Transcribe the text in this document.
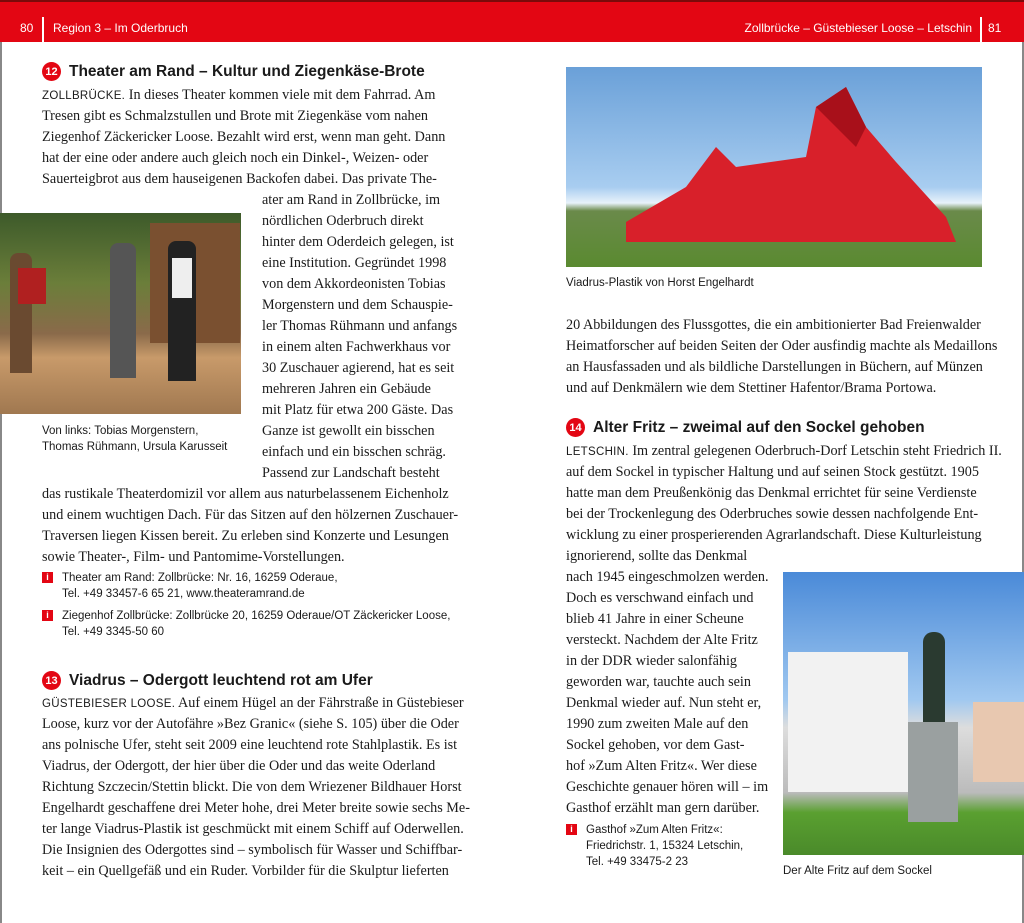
80 Region 3 – Im Oderbruch	Zollbrücke – Güstebieser Loose – Letschin 81
12 Theater am Rand – Kultur und Ziegenkäse-Brote
ZOLLBRÜCKE. In dieses Theater kommen viele mit dem Fahrrad. Am
Tresen gibt es Schmalzstullen und Brote mit Ziegenkäse vom nahen
Ziegenhof Zäckericker Loose. Bezahlt wird erst, wenn man geht. Dann
hat der eine oder andere auch gleich noch ein Dinkel-, Weizen- oder
Sauerteigbrot aus dem hauseigenen Backofen dabei. Das private The-
ater am Rand in Zollbrücke, im
nördlichen Oderbruch direkt
hinter dem Oderdeich gelegen, ist
eine Institution. Gegründet 1998
von dem Akkordeonisten Tobias
Morgenstern und dem Schauspie-
ler Thomas Rühmann und anfangs
in einem alten Fachwerkhaus vor
30 Zuschauer agierend, hat es seit
mehreren Jahren ein Gebäude
mit Platz für etwa 200 Gäste. Das
Ganze ist gewollt ein bisschen
einfach und ein bisschen schräg.
Passend zur Landschaft besteht
das rustikale Theaterdomizil vor allem aus naturbelassenem Eichenholz
und einem wuchtigen Dach. Für das Sitzen auf den hölzernen Zuschauer-
Traversen liegen Kissen bereit. Zu erleben sind Konzerte und Lesungen
sowie Theater-, Film- und Pantomime-Vorstellungen.
Von links: Tobias Morgenstern,
Thomas Rühmann, Ursula Karusseit
i	Theater am Rand: Zollbrücke: Nr. 16, 16259 Oderaue,
Tel. +49 33457-6 65 21, www.theateramrand.de
i	Ziegenhof Zollbrücke: Zollbrücke 20, 16259 Oderaue/OT Zäckericker Loose,
Tel. +49 3345-50 60
13 Viadrus – Odergott leuchtend rot am Ufer
GÜSTEBIESER LOOSE. Auf einem Hügel an der Fährstraße in Güstebieser
Loose, kurz vor der Autofähre »Bez Granic« (siehe S. 105) über die Oder
ans polnische Ufer, steht seit 2009 eine leuchtend rote Stahlplastik. Es ist
Viadrus, der Odergott, der hier über die Oder und das weite Oderland
Richtung Szczecin/Stettin blickt. Die von dem Wriezener Bildhauer Horst
Engelhardt geschaffene drei Meter hohe, drei Meter breite sowie sechs Me-
ter lange Viadrus-Plastik ist geschmückt mit einem Schiff auf Oderwellen.
Die Insignien des Odergottes sind – symbolisch für Wasser und Schiffbar-
keit – ein Quellgefäß und ein Ruder. Vorbilder für die Skulptur lieferten
Viadrus-Plastik von Horst Engelhardt
20 Abbildungen des Flussgottes, die ein ambitionierter Bad Freienwalder
Heimatforscher auf beiden Seiten der Oder ausfindig machte als Medaillons
an Hausfassaden und als bildliche Darstellungen in Büchern, auf Münzen
und auf Denkmälern wie dem Stettiner Hafentor/Brama Portowa.
14 Alter Fritz – zweimal auf den Sockel gehoben
LETSCHIN. Im zentral gelegenen Oderbruch-Dorf Letschin steht Friedrich II.
auf dem Sockel in typischer Haltung und auf seinen Stock gestützt. 1905
hatte man dem Preußenkönig das Denkmal errichtet für seine Verdienste
bei der Trockenlegung des Oderbruches sowie dessen nachfolgende Ent-
wicklung zu einer prosperierenden Agrarlandschaft. Diese Kulturleistung
ignorierend, sollte das Denkmal
nach 1945 eingeschmolzen werden.
Doch es verschwand einfach und
blieb 41 Jahre in einer Scheune
versteckt. Nachdem der Alte Fritz
in der DDR wieder salonfähig
geworden war, tauchte auch sein
Denkmal wieder auf. Nun steht er,
1990 zum zweiten Male auf den
Sockel gehoben, vor dem Gast-
hof »Zum Alten Fritz«. Wer diese
Geschichte genauer hören will – im
Gasthof erzählt man gern darüber.
Der Alte Fritz auf dem Sockel
i	Gasthof »Zum Alten Fritz«:
Friedrichstr. 1, 15324 Letschin,
Tel. +49 33475-2 23
